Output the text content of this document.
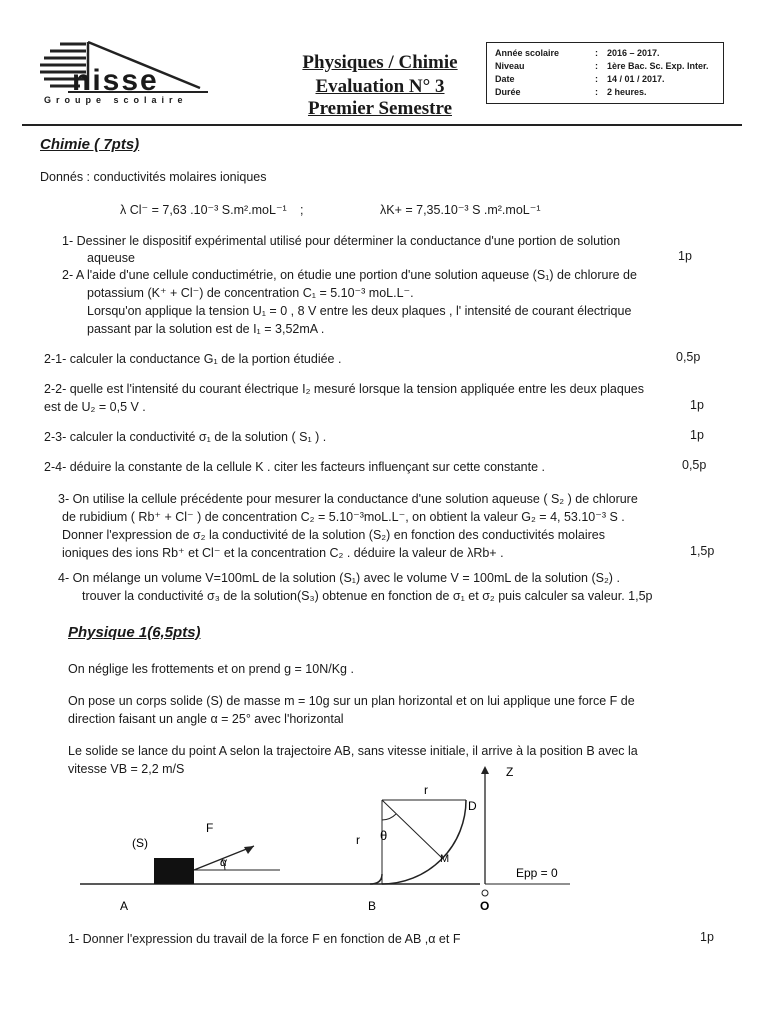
nisse
Groupe scolaire
Physiques / Chimie
Evaluation N° 3
Premier Semestre
Année scolaire	: 2016 – 2017.
Niveau	: 1ère Bac. Sc. Exp. Inter.
Date	: 14 / 01 / 2017.
Durée	: 2 heures.
Chimie ( 7pts)
Donnés : conductivités molaires ioniques
λ Cl⁻ = 7,63 .10⁻³ S.m².moL⁻¹ ;	λK+ = 7,35.10⁻³ S .m².moL⁻¹
1- Dessiner le dispositif expérimental utilisé pour déterminer la conductance d'une portion de solution
aqueuse	1p
2- A l'aide d'une cellule conductimétrie, on étudie une portion d'une solution aqueuse (S₁) de chlorure de
potassium (K⁺ + Cl⁻) de concentration C₁ = 5.10⁻³ moL.L⁻.
Lorsqu'on applique la tension U₁ = 0 , 8 V entre les deux plaques , l' intensité de courant électrique
passant par la solution est de I₁ = 3,52mA .
2-1- calculer la conductance G₁ de la portion étudiée .	0,5p
2-2- quelle est l'intensité du courant électrique I₂ mesuré lorsque la tension appliquée entre les deux plaques
est de U₂ = 0,5 V .	1p
2-3- calculer la conductivité σ₁ de la solution ( S₁ ) .	1p
2-4- déduire la constante de la cellule K . citer les facteurs influençant sur cette constante .	0,5p
3- On utilise la cellule précédente pour mesurer la conductance d'une solution aqueuse ( S₂ ) de chlorure
de rubidium ( Rb⁺ + Cl⁻ ) de concentration C₂ = 5.10⁻³moL.L⁻, on obtient la valeur G₂ = 4, 53.10⁻³ S .
Donner l'expression de σ₂ la conductivité de la solution (S₂) en fonction des conductivités molaires
ioniques des ions Rb⁺ et Cl⁻ et la concentration C₂ . déduire la valeur de λRb+ .	1,5p
4- On mélange un volume V=100mL de la solution (S₁) avec le volume V = 100mL de la solution (S₂) .
trouver la conductivité σ₃ de la solution(S₃) obtenue en fonction de σ₁ et σ₂ puis calculer sa valeur. 1,5p
Physique 1(6,5pts)
On néglige les frottements et on prend g = 10N/Kg .
On pose un corps solide (S) de masse m = 10g sur un plan horizontal et on lui applique une force F de
direction faisant un angle α = 25° avec l'horizontal
Le solide se lance du point A selon la trajectoire AB, sans vitesse initiale, il arrive à la position B avec la
vitesse VB = 2,2 m/S
(S)
F
α
A	B
r
r
θ
M
D
Z
O
Epp = 0
1- Donner l'expression du travail de la force F en fonction de AB ,α et F	1p
